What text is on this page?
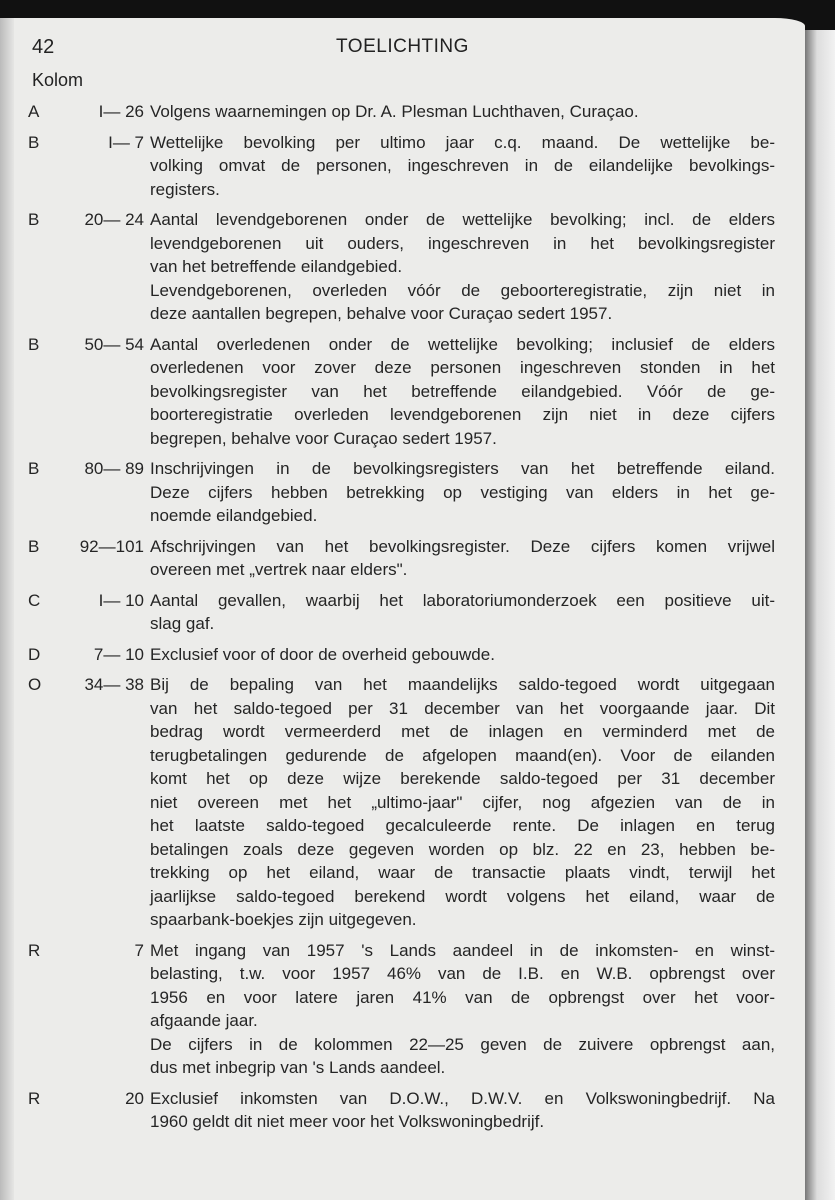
42	TOELICHTING
Kolom
A	I— 26 Volgens waarnemingen op Dr. A. Plesman Luchthaven, Curaçao.
B	I— 7 Wettelijke bevolking per ultimo jaar c.q. maand. De wettelijke be-
volking omvat de personen, ingeschreven in de eilandelijke bevolkings-
registers.
B	20— 24 Aantal levendgeborenen onder de wettelijke bevolking; incl. de elders
levendgeborenen uit ouders, ingeschreven in het bevolkingsregister
van het betreffende eilandgebied.
Levendgeborenen, overleden vóór de geboorteregistratie, zijn niet in
deze aantallen begrepen, behalve voor Curaçao sedert 1957.
B	50— 54 Aantal overledenen onder de wettelijke bevolking; inclusief de elders
overledenen voor zover deze personen ingeschreven stonden in het
bevolkingsregister van het betreffende eilandgebied. Vóór de ge-
boorteregistratie overleden levendgeborenen zijn niet in deze cijfers
begrepen, behalve voor Curaçao sedert 1957.
B	80— 89 Inschrijvingen in de bevolkingsregisters van het betreffende eiland.
Deze cijfers hebben betrekking op vestiging van elders in het ge-
noemde eilandgebied.
B 92—101 Afschrijvingen van het bevolkingsregister. Deze cijfers komen vrijwel
overeen met „vertrek naar elders".
C	I— 10 Aantal gevallen, waarbij het laboratoriumonderzoek een positieve uit-
slag gaf.
D	7— 10 Exclusief voor of door de overheid gebouwde.
O	34— 38 Bij de bepaling van het maandelijks saldo-tegoed wordt uitgegaan
van het saldo-tegoed per 31 december van het voorgaande jaar. Dit
bedrag wordt vermeerderd met de inlagen en verminderd met de
terugbetalingen gedurende de afgelopen maand(en). Voor de eilanden
komt het op deze wijze berekende saldo-tegoed per 31 december
niet overeen met het „ultimo-jaar" cijfer, nog afgezien van de in
het laatste saldo-tegoed gecalculeerde rente. De inlagen en terug
betalingen zoals deze gegeven worden op blz. 22 en 23, hebben be-
trekking op het eiland, waar de transactie plaats vindt, terwijl het
jaarlijkse saldo-tegoed berekend wordt volgens het eiland, waar de
spaarbank-boekjes zijn uitgegeven.
R	7 Met ingang van 1957 's Lands aandeel in de inkomsten- en winst-
belasting, t.w. voor 1957 46% van de I.B. en W.B. opbrengst over
1956 en voor latere jaren 41% van de opbrengst over het voor-
afgaande jaar.
De cijfers in de kolommen 22—25 geven de zuivere opbrengst aan,
dus met inbegrip van 's Lands aandeel.
R	20 Exclusief inkomsten van D.O.W., D.W.V. en Volkswoningbedrijf. Na
1960 geldt dit niet meer voor het Volkswoningbedrijf.
